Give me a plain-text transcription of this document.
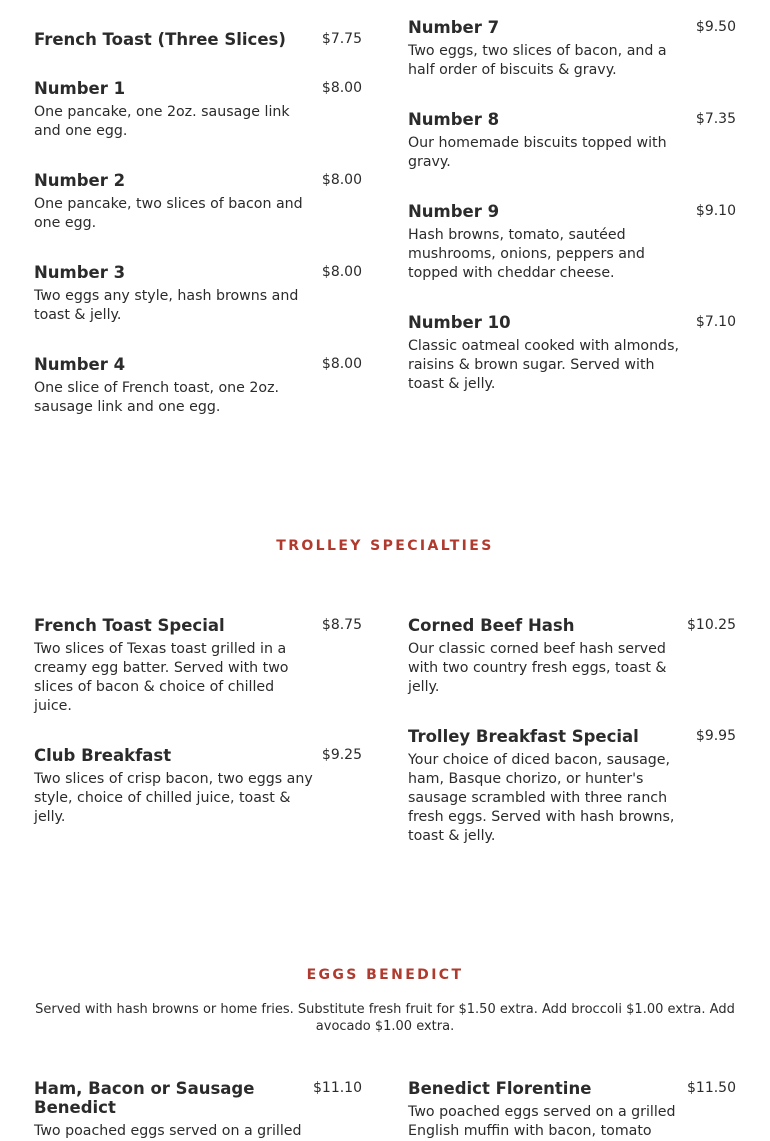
French Toast (Three Slices)	$7.75
Number 1	$8.00
One pancake, one 2oz. sausage link and one egg.
Number 2	$8.00
One pancake, two slices of bacon and one egg.
Number 3	$8.00
Two eggs any style, hash browns and toast & jelly.
Number 4	$8.00
One slice of French toast, one 2oz. sausage link and one egg.
Number 7	$9.50
Two eggs, two slices of bacon, and a half order of biscuits & gravy.
Number 8	$7.35
Our homemade biscuits topped with gravy.
Number 9	$9.10
Hash browns, tomato, sautéed mushrooms, onions, peppers and topped with cheddar cheese.
Number 10	$7.10
Classic oatmeal cooked with almonds, raisins & brown sugar. Served with toast & jelly.
TROLLEY SPECIALTIES
French Toast Special	$8.75
Two slices of Texas toast grilled in a creamy egg batter. Served with two slices of bacon & choice of chilled juice.
Club Breakfast	$9.25
Two slices of crisp bacon, two eggs any style, choice of chilled juice, toast & jelly.
Corned Beef Hash	$10.25
Our classic corned beef hash served with two country fresh eggs, toast & jelly.
Trolley Breakfast Special	$9.95
Your choice of diced bacon, sausage, ham, Basque chorizo, or hunter's sausage scrambled with three ranch fresh eggs. Served with hash browns, toast & jelly.
EGGS BENEDICT
Served with hash browns or home fries. Substitute fresh fruit for $1.50 extra. Add broccoli $1.00 extra. Add avocado $1.00 extra.
Ham, Bacon or Sausage Benedict
$11.10
Two poached eggs served on a grilled
Benedict Florentine	$11.50
Two poached eggs served on a grilled English muffin with bacon, tomato
